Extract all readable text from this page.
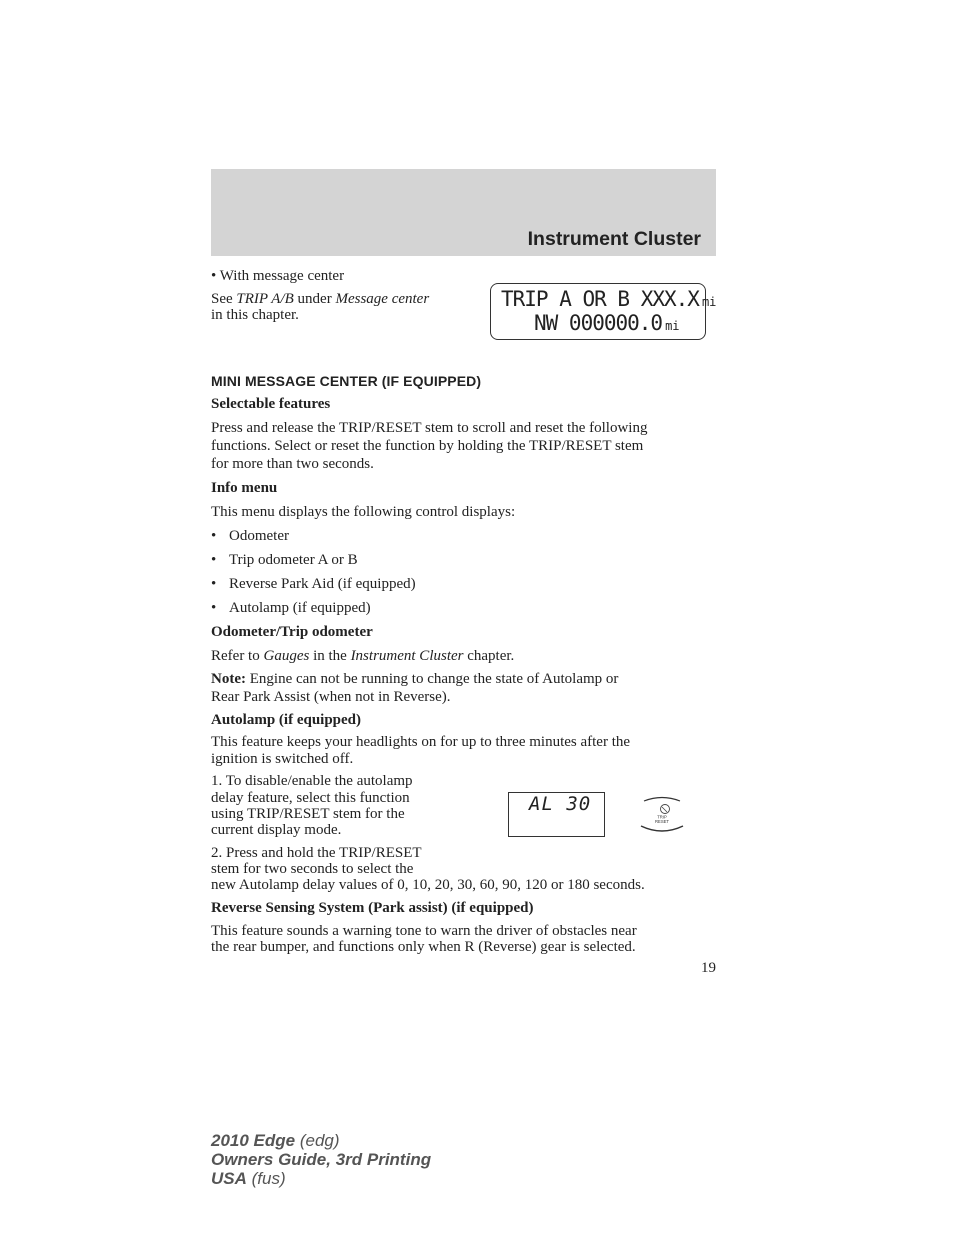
Instrument Cluster
• With message center
See TRIP A/B under Message center
in this chapter.
TRIP A OR B XXX.X mi
NW 000000.0 mi
MINI MESSAGE CENTER (IF EQUIPPED)
Selectable features
Press and release the TRIP/RESET stem to scroll and reset the following
functions. Select or reset the function by holding the TRIP/RESET stem
for more than two seconds.
Info menu
This menu displays the following control displays:
• Odometer
• Trip odometer A or B
• Reverse Park Aid (if equipped)
• Autolamp (if equipped)
Odometer/Trip odometer
Refer to Gauges in the Instrument Cluster chapter.
Note: Engine can not be running to change the state of Autolamp or
Rear Park Assist (when not in Reverse).
Autolamp (if equipped)
This feature keeps your headlights on for up to three minutes after the
ignition is switched off.
1. To disable/enable the autolamp
delay feature, select this function
using TRIP/RESET stem for the
current display mode.
2. Press and hold the TRIP/RESET
stem for two seconds to select the
new Autolamp delay values of 0, 10, 20, 30, 60, 90, 120 or 180 seconds.
AL 30
TRIP
RESET
Reverse Sensing System (Park assist) (if equipped)
This feature sounds a warning tone to warn the driver of obstacles near
the rear bumper, and functions only when R (Reverse) gear is selected.
19
2010 Edge (edg)
Owners Guide, 3rd Printing
USA (fus)
